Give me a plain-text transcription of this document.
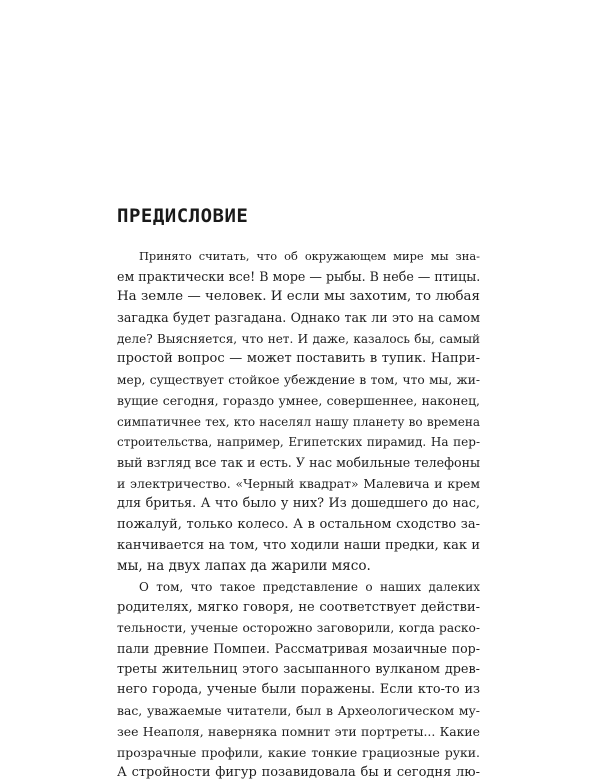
ПРЕДИСЛОВИЕ
Принято считать, что об окружающем мире мы зна-
ем практически все! В море — рыбы. В небе — птицы.
На земле — человек. И если мы захотим, то любая
загадка будет разгадана. Однако так ли это на самом
деле? Выясняется, что нет. И даже, казалось бы, самый
простой вопрос — может поставить в тупик. Напри-
мер, существует стойкое убеждение в том, что мы, жи-
вущие сегодня, гораздо умнее, совершеннее, наконец,
симпатичнее тех, кто населял нашу планету во времена
строительства, например, Египетских пирамид. На пер-
вый взгляд все так и есть. У нас мобильные телефоны
и электричество. «Черный квадрат» Малевича и крем
для бритья. А что было у них? Из дошедшего до нас,
пожалуй, только колесо. А в остальном сходство за-
канчивается на том, что ходили наши предки, как и
мы, на двух лапах да жарили мясо.
О том, что такое представление о наших далеких
родителях, мягко говоря, не соответствует действи-
тельности, ученые осторожно заговорили, когда раско-
пали древние Помпеи. Рассматривая мозаичные пор-
треты жительниц этого засыпанного вулканом древ-
него города, ученые были поражены. Если кто-то из
вас, уважаемые читатели, был в Археологическом му-
зее Неаполя, наверняка помнит эти портреты... Какие
прозрачные профили, какие тонкие грациозные руки.
А стройности фигур позавидовала бы и сегодня лю-
